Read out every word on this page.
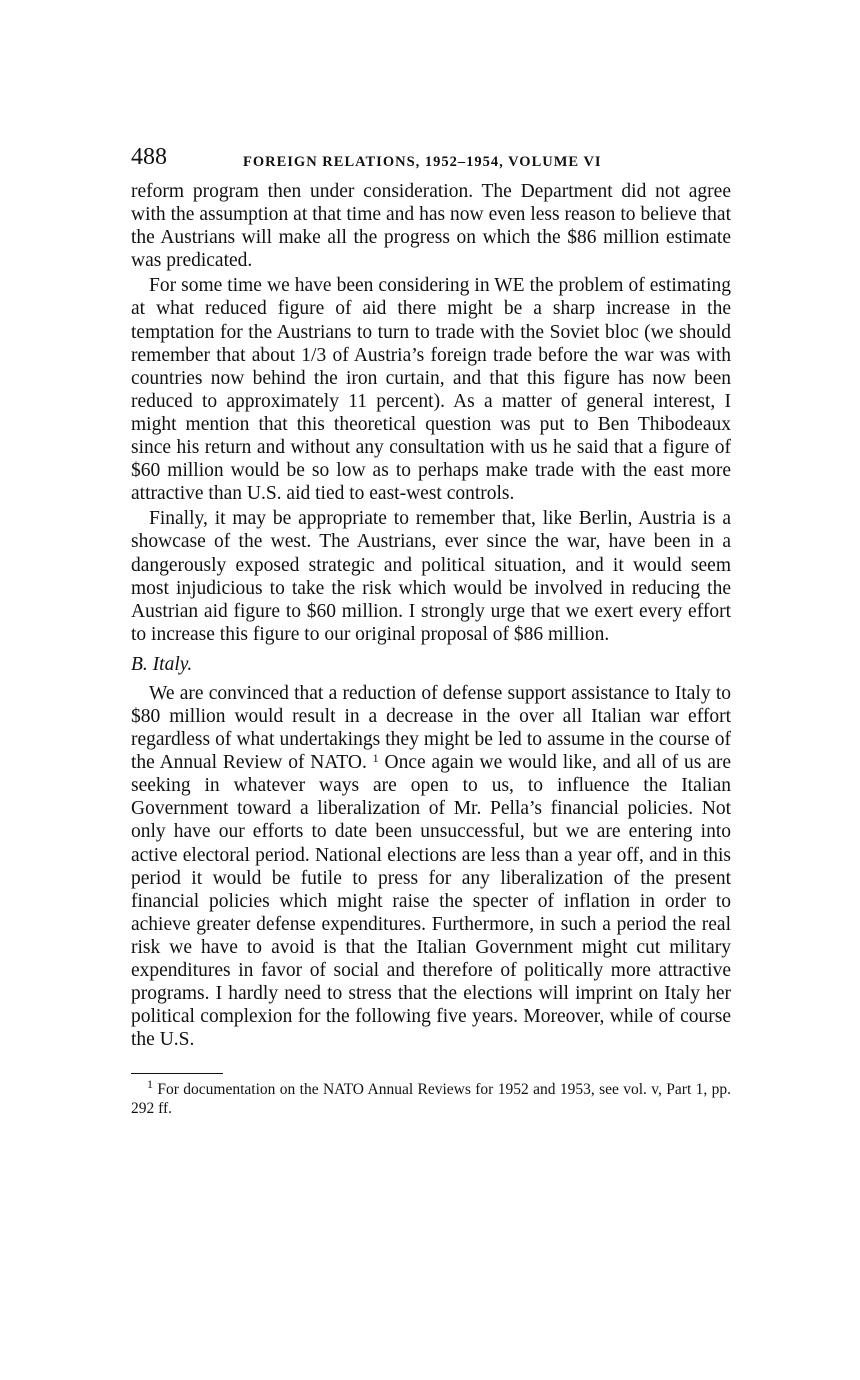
488	FOREIGN RELATIONS, 1952–1954, VOLUME VI

reform program then under consideration. The Department did not agree with the assumption at that time and has now even less reason to believe that the Austrians will make all the progress on which the $86 million estimate was predicated.

For some time we have been considering in WE the problem of estimating at what reduced figure of aid there might be a sharp increase in the temptation for the Austrians to turn to trade with the Soviet bloc (we should remember that about 1/3 of Austria’s foreign trade before the war was with countries now behind the iron curtain, and that this figure has now been reduced to approximately 11 percent). As a matter of general interest, I might mention that this theoretical question was put to Ben Thibodeaux since his return and without any consultation with us he said that a figure of $60 million would be so low as to perhaps make trade with the east more attractive than U.S. aid tied to east-west controls.

Finally, it may be appropriate to remember that, like Berlin, Austria is a showcase of the west. The Austrians, ever since the war, have been in a dangerously exposed strategic and political situation, and it would seem most injudicious to take the risk which would be involved in reducing the Austrian aid figure to $60 million. I strongly urge that we exert every effort to increase this figure to our original proposal of $86 million.

B. Italy.

We are convinced that a reduction of defense support assistance to Italy to $80 million would result in a decrease in the over all Italian war effort regardless of what undertakings they might be led to assume in the course of the Annual Review of NATO. $^1$ Once again we would like, and all of us are seeking in whatever ways are open to us, to influence the Italian Government toward a liberalization of Mr. Pella’s financial policies. Not only have our efforts to date been unsuccessful, but we are entering into active electoral period. National elections are less than a year off, and in this period it would be futile to press for any liberalization of the present financial policies which might raise the specter of inflation in order to achieve greater defense expenditures. Furthermore, in such a period the real risk we have to avoid is that the Italian Government might cut military expenditures in favor of social and therefore of politically more attractive programs. I hardly need to stress that the elections will imprint on Italy her political complexion for the following five years. Moreover, while of course the U.S.

$^1$ For documentation on the NATO Annual Reviews for 1952 and 1953, see vol. v, Part 1, pp. 292 ff.
